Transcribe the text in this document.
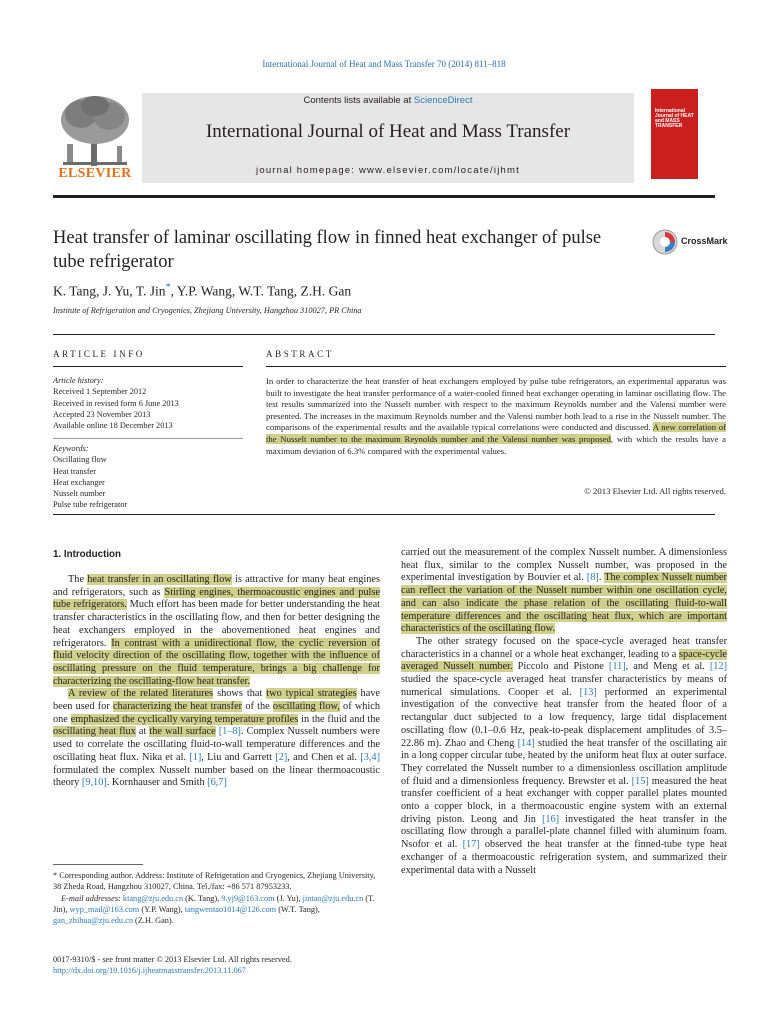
International Journal of Heat and Mass Transfer 70 (2014) 811–818
ELSEVIER
Contents lists available at ScienceDirect
International Journal of Heat and Mass Transfer
journal homepage: www.elsevier.com/locate/ijhmt
International Journal of HEAT and MASS TRANSFER
Heat transfer of laminar oscillating flow in finned heat exchanger of pulse tube refrigerator
CrossMark
K. Tang, J. Yu, T. Jin*, Y.P. Wang, W.T. Tang, Z.H. Gan
Institute of Refrigeration and Cryogenics, Zhejiang University, Hangzhou 310027, PR China
ARTICLE INFO
Article history:
Received 1 September 2012
Received in revised form 6 June 2013
Accepted 23 November 2013
Available online 18 December 2013
Keywords:
Oscillating flow
Heat transfer
Heat exchanger
Nusselt number
Pulse tube refrigerator
ABSTRACT
In order to characterize the heat transfer of heat exchangers employed by pulse tube refrigerators, an experimental apparatus was built to investigate the heat transfer performance of a water-cooled finned heat exchanger operating in laminar oscillating flow. The test results summarized into the Nusselt number with respect to the maximum Reynolds number and the Valensi number were presented. The increases in the maximum Reynolds number and the Valensi number both lead to a rise in the Nusselt number. The comparisons of the experimental results and the available typical correlations were conducted and discussed. A new correlation of the Nusselt number to the maximum Reynolds number and the Valensi number was proposed, with which the results have a maximum deviation of 6.3% compared with the experimental values.
© 2013 Elsevier Ltd. All rights reserved.
1. Introduction

The heat transfer in an oscillating flow is attractive for many heat engines and refrigerators, such as Stirling engines, thermoacoustic engines and pulse tube refrigerators. Much effort has been made for better understanding the heat transfer characteristics in the oscillating flow, and then for better designing the heat exchangers employed in the abovementioned heat engines and refrigerators. In contrast with a unidirectional flow, the cyclic reversion of fluid velocity direction of the oscillating flow, together with the influence of oscillating pressure on the fluid temperature, brings a big challenge for characterizing the oscillating-flow heat transfer.

A review of the related literatures shows that two typical strategies have been used for characterizing the heat transfer of the oscillating flow, of which one emphasized the cyclically varying temperature profiles in the fluid and the oscillating heat flux at the wall surface [1–8]. Complex Nusselt numbers were used to correlate the oscillating fluid-to-wall temperature differences and the oscillating heat flux. Nika et al. [1], Liu and Garrett [2], and Chen et al. [3,4] formulated the complex Nusselt number based on the linear thermoacoustic theory [9,10]. Kornhauser and Smith [6,7]

carried out the measurement of the complex Nusselt number. A dimensionless heat flux, similar to the complex Nusselt number, was proposed in the experimental investigation by Bouvier et al. [8]. The complex Nusselt number can reflect the variation of the Nusselt number within one oscillation cycle, and can also indicate the phase relation of the oscillating fluid-to-wall temperature differences and the oscillating heat flux, which are important characteristics of the oscillating flow.

The other strategy focused on the space-cycle averaged heat transfer characteristics in a channel or a whole heat exchanger, leading to a space-cycle averaged Nusselt number. Piccolo and Pistone [11], and Meng et al. [12] studied the space-cycle averaged heat transfer characteristics by means of numerical simulations. Cooper et al. [13] performed an experimental investigation of the convective heat transfer from the heated floor of a rectangular duct subjected to a low frequency, large tidal displacement oscillating flow (0.1–0.6 Hz, peak-to-peak displacement amplitudes of 3.5–22.86 m). Zhao and Cheng [14] studied the heat transfer of the oscillating air in a long copper circular tube, heated by the uniform heat flux at outer surface. They correlated the Nusselt number to a dimensionless oscillation amplitude of fluid and a dimensionless frequency. Brewster et al. [15] measured the heat transfer coefficient of a heat exchanger with copper parallel plates mounted onto a copper block, in a thermoacoustic engine system with an external driving piston. Leong and Jin [16] investigated the heat transfer in the oscillating flow through a parallel-plate channel filled with aluminum foam. Nsofor et al. [17] observed the heat transfer at the finned-tube type heat exchanger of a thermoacoustic refrigeration system, and summarized their experimental data with a Nusselt

* Corresponding author. Address: Institute of Refrigeration and Cryogenics, Zhejiang University, 38 Zheda Road, Hangzhou 310027, China. Tel./fax: +86 571 87953233.
E-mail addresses: ktang@zju.edu.cn (K. Tang), 9.yj9@163.com (J. Yu), jintao@zju.edu.cn (T. Jin), wyp_mail@163.com (Y.P. Wang), tangwentao1014@126.com (W.T. Tang), gan_zhihua@zju.edu.cn (Z.H. Gan).
0017-9310/$ - see front matter © 2013 Elsevier Ltd. All rights reserved.
http://dx.doi.org/10.1016/j.ijheatmasstransfer.2013.11.067
